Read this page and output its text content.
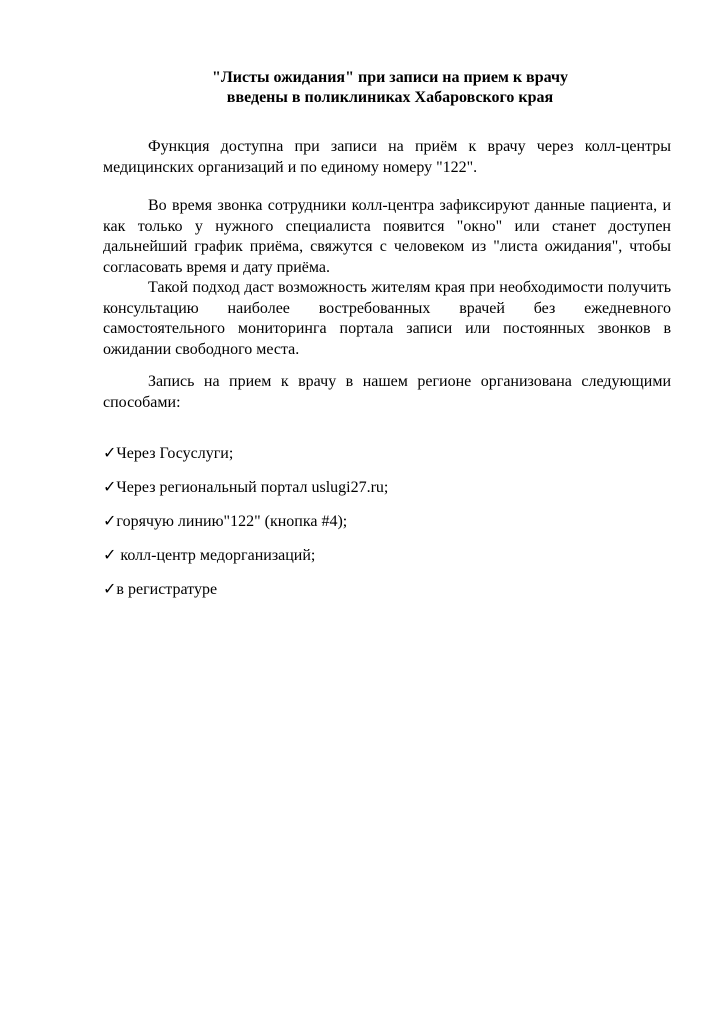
"Листы ожидания" при записи на прием к врачу
введены в поликлиниках Хабаровского края

Функция доступна при записи на приём к врачу через колл-центры медицинских организаций и по единому номеру "122".

Во время звонка сотрудники колл-центра зафиксируют данные пациента, и как только у нужного специалиста появится "окно" или станет доступен дальнейший график приёма, свяжутся с человеком из "листа ожидания", чтобы согласовать время и дату приёма.

Такой подход даст возможность жителям края при необходимости получить консультацию наиболее востребованных врачей без ежедневного самостоятельного мониторинга портала записи или постоянных звонков в ожидании свободного места.

Запись на прием к врачу в нашем регионе организована следующими способами:

✓Через Госуслуги;
✓Через региональный портал uslugi27.ru;
✓горячую линию"122" (кнопка #4);
✓ колл-центр медорганизаций;
✓в регистратуре
